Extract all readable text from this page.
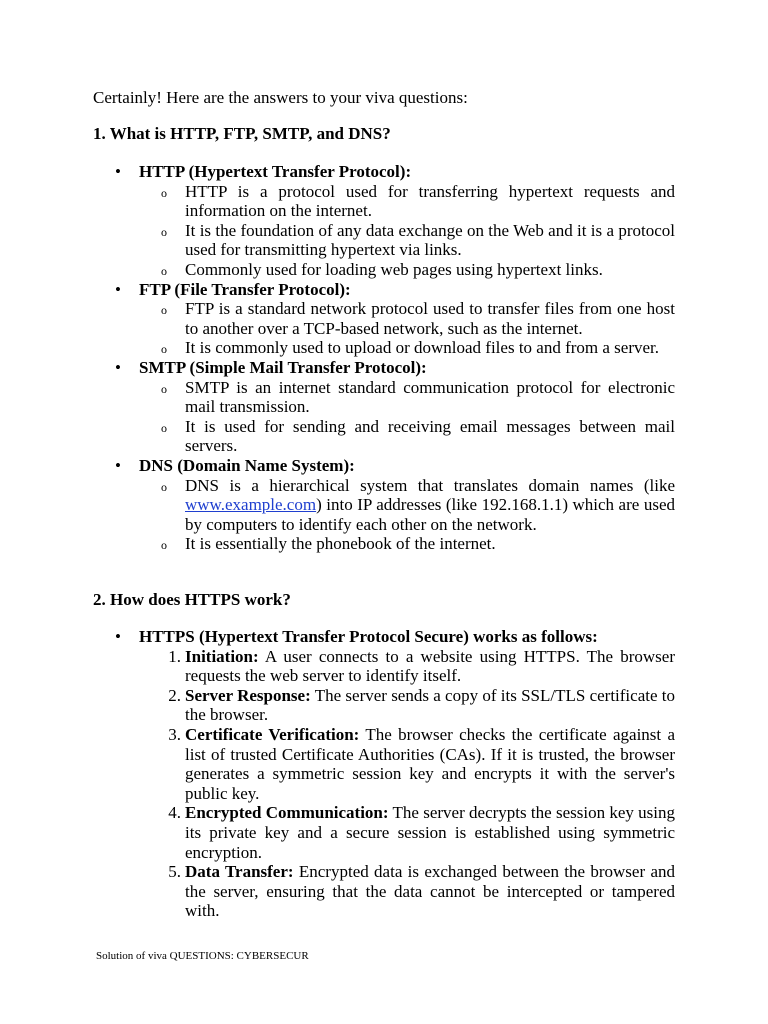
Certainly! Here are the answers to your viva questions:

1. What is HTTP, FTP, SMTP, and DNS?

• HTTP (Hypertext Transfer Protocol):
o HTTP is a protocol used for transferring hypertext requests and information on the internet.
o It is the foundation of any data exchange on the Web and it is a protocol used for transmitting hypertext via links.
o Commonly used for loading web pages using hypertext links.
• FTP (File Transfer Protocol):
o FTP is a standard network protocol used to transfer files from one host to another over a TCP-based network, such as the internet.
o It is commonly used to upload or download files to and from a server.
• SMTP (Simple Mail Transfer Protocol):
o SMTP is an internet standard communication protocol for electronic mail transmission.
o It is used for sending and receiving email messages between mail servers.
• DNS (Domain Name System):
o DNS is a hierarchical system that translates domain names (like www.example.com) into IP addresses (like 192.168.1.1) which are used by computers to identify each other on the network.
o It is essentially the phonebook of the internet.

2. How does HTTPS work?

• HTTPS (Hypertext Transfer Protocol Secure) works as follows:
1. Initiation: A user connects to a website using HTTPS. The browser requests the web server to identify itself.
2. Server Response: The server sends a copy of its SSL/TLS certificate to the browser.
3. Certificate Verification: The browser checks the certificate against a list of trusted Certificate Authorities (CAs). If it is trusted, the browser generates a symmetric session key and encrypts it with the server's public key.
4. Encrypted Communication: The server decrypts the session key using its private key and a secure session is established using symmetric encryption.
5. Data Transfer: Encrypted data is exchanged between the browser and the server, ensuring that the data cannot be intercepted or tampered with.
Solution of viva QUESTIONS: CYBERSECUR
